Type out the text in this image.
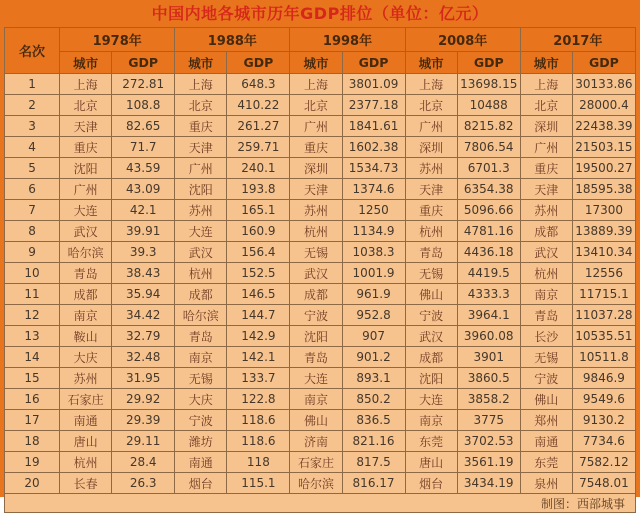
中国内地各城市历年GDP排位（单位：亿元）
名次	1978年		1988年		1998年		2008年		2017年	
	城市	GDP	城市	GDP	城市	GDP	城市	GDP	城市	GDP
1	上海	272.81	上海	648.3	上海	3801.09	上海	13698.15	上海	30133.86
2	北京	108.8	北京	410.22	北京	2377.18	北京	10488	北京	28000.4
3	天津	82.65	重庆	261.27	广州	1841.61	广州	8215.82	深圳	22438.39
4	重庆	71.7	天津	259.71	重庆	1602.38	深圳	7806.54	广州	21503.15
5	沈阳	43.59	广州	240.1	深圳	1534.73	苏州	6701.3	重庆	19500.27
6	广州	43.09	沈阳	193.8	天津	1374.6	天津	6354.38	天津	18595.38
7	大连	42.1	苏州	165.1	苏州	1250	重庆	5096.66	苏州	17300
8	武汉	39.91	大连	160.9	杭州	1134.9	杭州	4781.16	成都	13889.39
9	哈尔滨	39.3	武汉	156.4	无锡	1038.3	青岛	4436.18	武汉	13410.34
10	青岛	38.43	杭州	152.5	武汉	1001.9	无锡	4419.5	杭州	12556
11	成都	35.94	成都	146.5	成都	961.9	佛山	4333.3	南京	11715.1
12	南京	34.42	哈尔滨	144.7	宁波	952.8	宁波	3964.1	青岛	11037.28
13	鞍山	32.79	青岛	142.9	沈阳	907	武汉	3960.08	长沙	10535.51
14	大庆	32.48	南京	142.1	青岛	901.2	成都	3901	无锡	10511.8
15	苏州	31.95	无锡	133.7	大连	893.1	沈阳	3860.5	宁波	9846.9
16	石家庄	29.92	大庆	122.8	南京	850.2	大连	3858.2	佛山	9549.6
17	南通	29.39	宁波	118.6	佛山	836.5	南京	3775	郑州	9130.2
18	唐山	29.11	潍坊	118.6	济南	821.16	东莞	3702.53	南通	7734.6
19	杭州	28.4	南通	118	石家庄	817.5	唐山	3561.19	东莞	7582.12
20	长春	26.3	烟台	115.1	哈尔滨	816.17	烟台	3434.19	泉州	7548.01
制图：西部城事										
